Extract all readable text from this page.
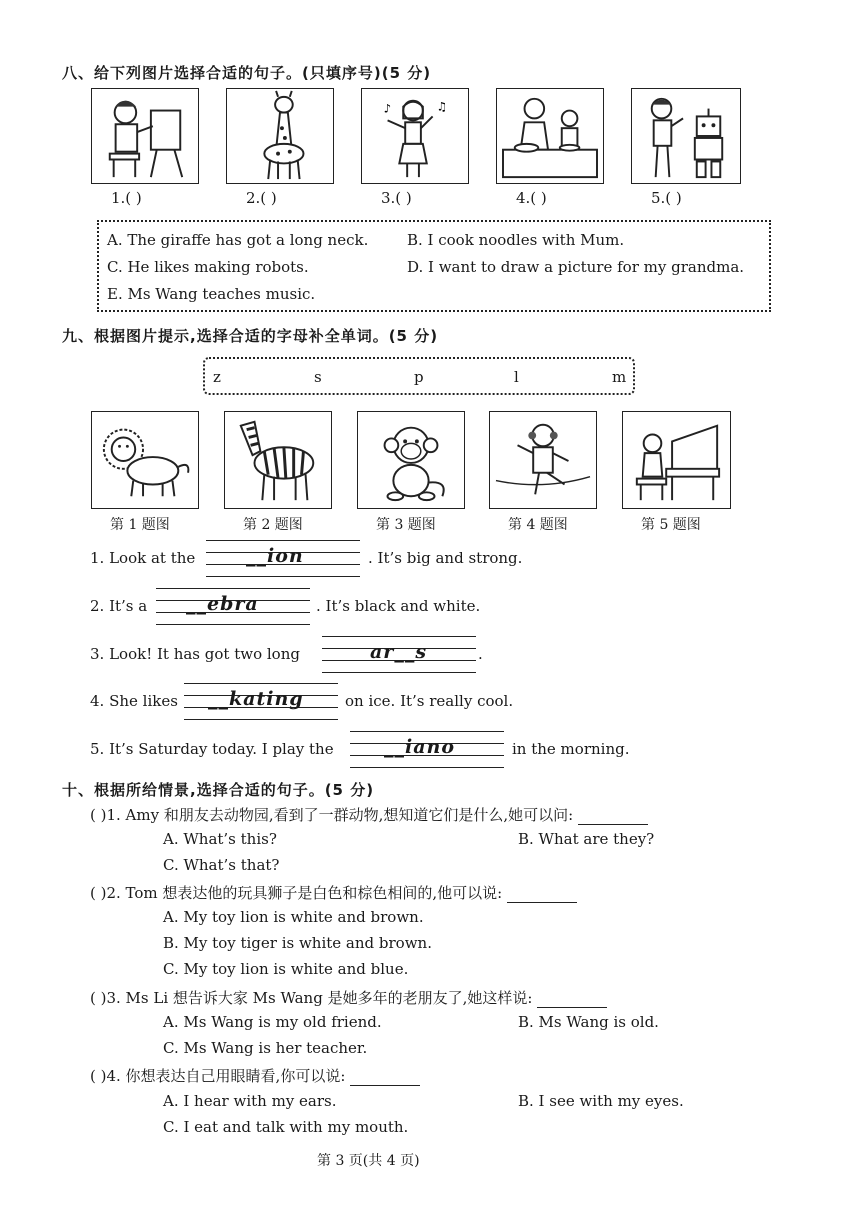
八、给下列图片选择合适的句子。(只填序号)(5 分)
♪	♫
1.( )	2.( )	3.( )	4.( )	5.( )
A. The giraffe has got a long neck.	B. I cook noodles with Mum.
C. He likes making robots.	D. I want to draw a picture for my grandma.
E. Ms Wang teaches music.
九、根据图片提示,选择合适的字母补全单词。(5 分)
z	s	p	l	m
第 1 题图	第 2 题图	第 3 题图	第 4 题图	第 5 题图
1. Look at the	__ion	. It’s big and strong.
2. It’s a __ebra	. It’s black and white.
3. Look! It has got two long	ar__s	.
4. She likes __kating	on ice. It’s really cool.
5. It’s Saturday today. I play the	__iano	in the morning.
十、根据所给情景,选择合适的句子。(5 分)
( )1. Amy 和朋友去动物园,看到了一群动物,想知道它们是什么,她可以问:
A. What’s this?	B. What are they?
C. What’s that?
( )2. Tom 想表达他的玩具狮子是白色和棕色相间的,他可以说:
A. My toy lion is white and brown.
B. My toy tiger is white and brown.
C. My toy lion is white and blue.
( )3. Ms Li 想告诉大家 Ms Wang 是她多年的老朋友了,她这样说:
A. Ms Wang is my old friend.	B. Ms Wang is old.
C. Ms Wang is her teacher.
( )4. 你想表达自己用眼睛看,你可以说:
A. I hear with my ears.	B. I see with my eyes.
C. I eat and talk with my mouth.
第 3 页(共 4 页)
